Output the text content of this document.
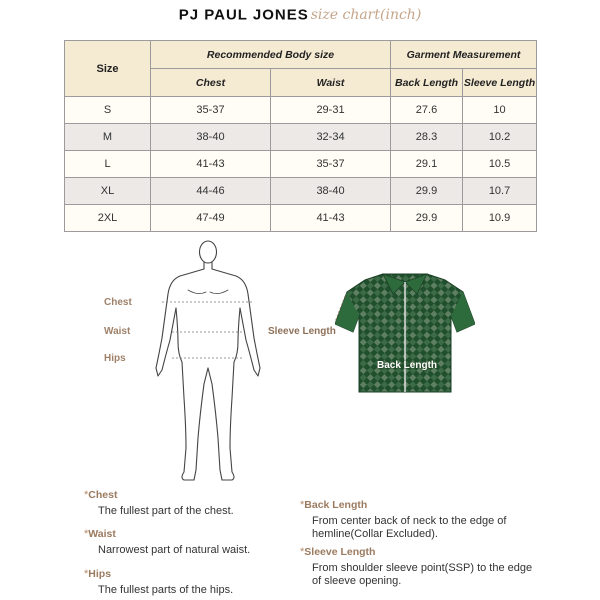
PJ PAUL JONES size chart(inch)
Size	Recommended Body size		Garment Measurement	
	Chest	Waist	Back Length	Sleeve Length
S	35-37	29-31	27.6	10
M	38-40	32-34	28.3	10.2
L	41-43	35-37	29.1	10.5
XL	44-46	38-40	29.9	10.7
2XL	47-49	41-43	29.9	10.9
Chest
Waist
Hips
Sleeve Length
Back Length
*Chest
The fullest part of the chest.
*Waist
Narrowest part of natural waist.
*Hips
The fullest parts of the hips.
*Back Length
From center back of neck to the edge of hemline(Collar Excluded).
*Sleeve Length
From shoulder sleeve point(SSP) to the edge of sleeve opening.
